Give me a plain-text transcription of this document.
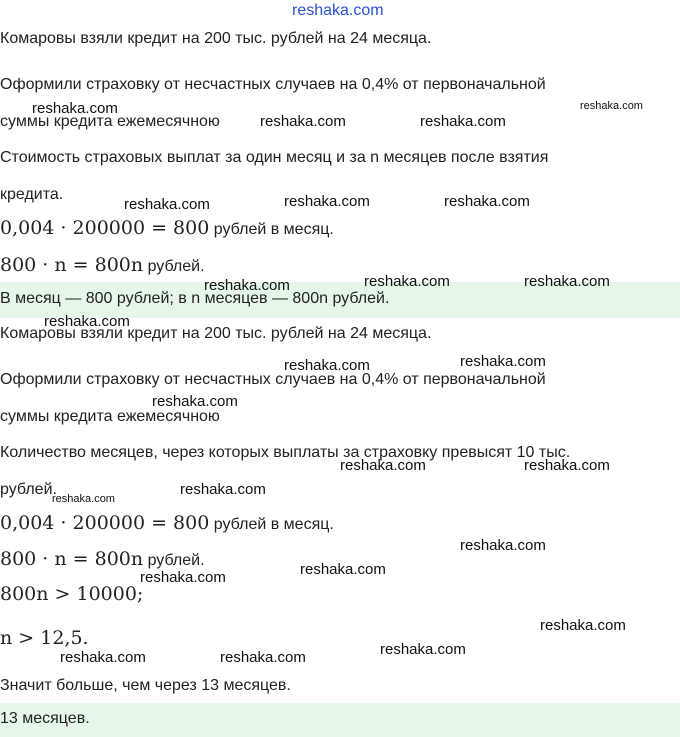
reshaka.com
Комаровы взяли кредит на 200 тыс. рублей на 24 месяца.
Оформили страховку от несчастных случаев на 0,4% от первоначальной
суммы кредита ежемесячною
Стоимость страховых выплат за один месяц и за n месяцев после взятия
кредита.
0,004 · 200000 = 800 рублей в месяц.
800 · n = 800n рублей.
В месяц — 800 рублей; в n месяцев — 800n рублей.
Комаровы взяли кредит на 200 тыс. рублей на 24 месяца.
Оформили страховку от несчастных случаев на 0,4% от первоначальной
суммы кредита ежемесячною
Количество месяцев, через которых выплаты за страховку превысят 10 тыс.
рублей.
0,004 · 200000 = 800 рублей в месяц.
800 · n = 800n рублей.
800n > 10000;
n > 12,5.
Значит больше, чем через 13 месяцев.
13 месяцев.
reshaka.com	reshaka.com
reshaka.com	reshaka.com
reshaka.com	reshaka.com	reshaka.com
reshaka.com	reshaka.com	reshaka.com
reshaka.com
reshaka.com	reshaka.com
reshaka.com
reshaka.com	reshaka.com
reshaka.com
reshaka.com
reshaka.com
reshaka.com
reshaka.com
reshaka.com
reshaka.com
reshaka.com	reshaka.com
